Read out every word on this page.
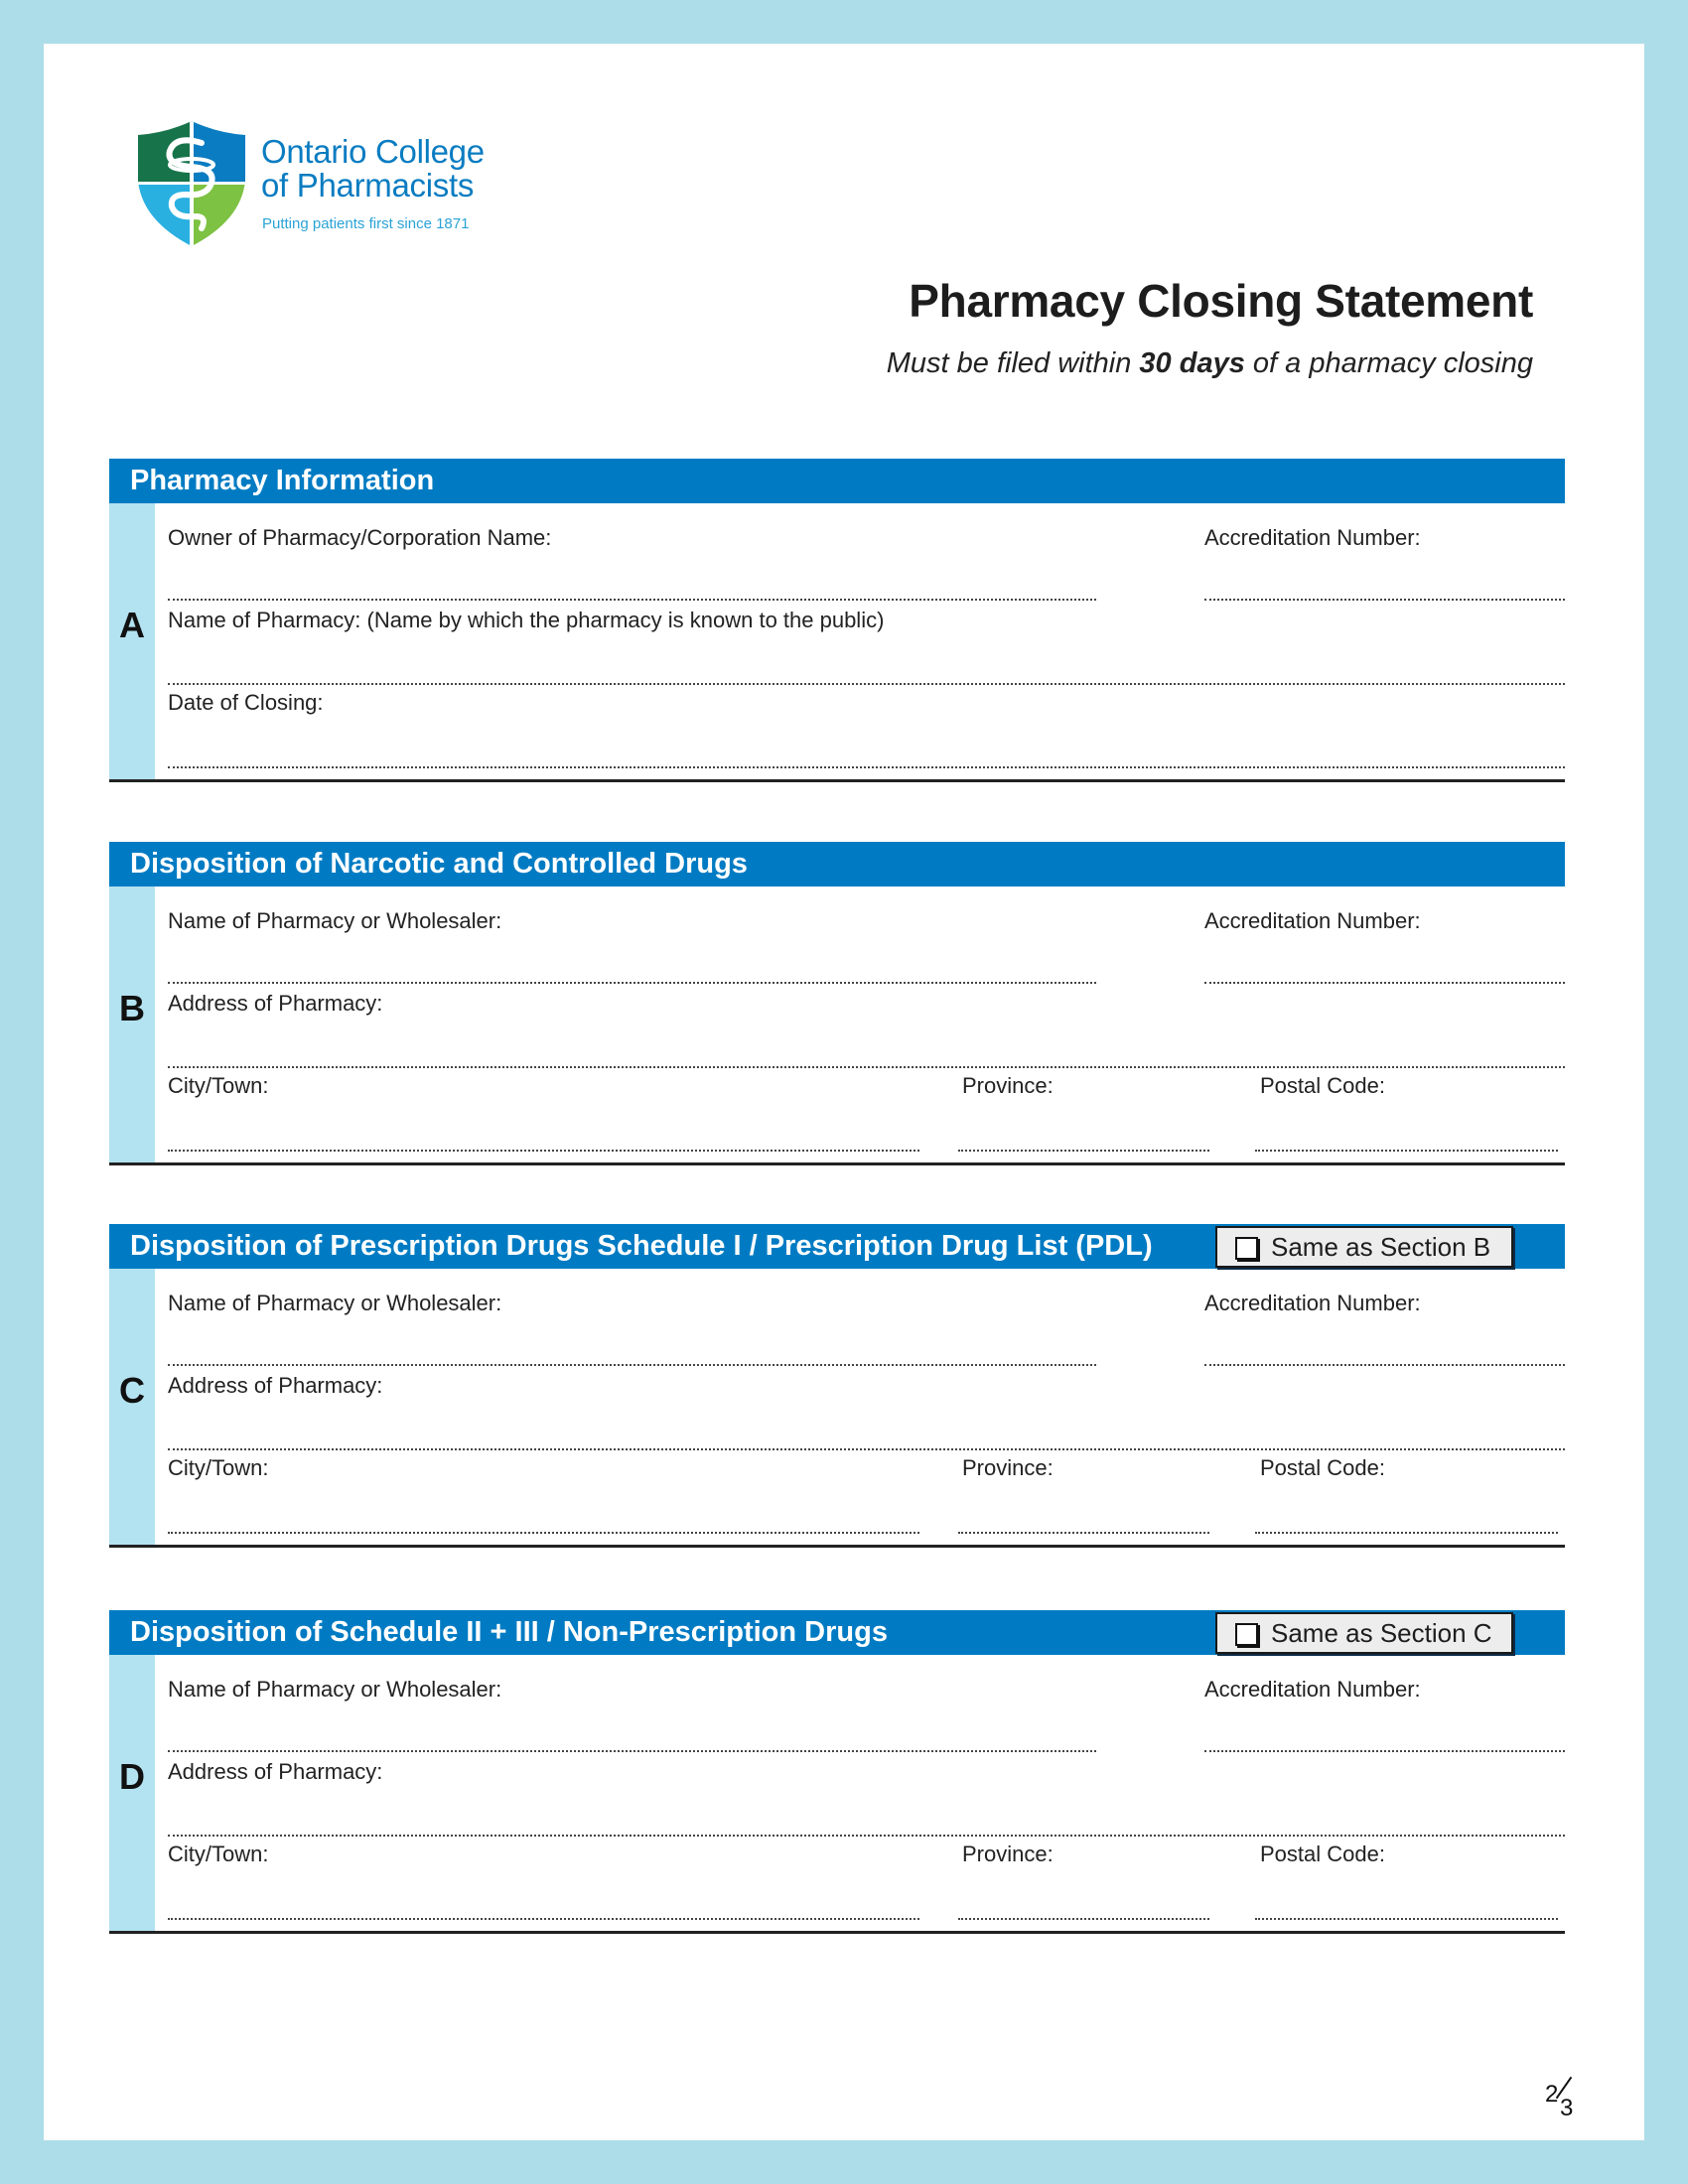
Ontario College
of Pharmacists
Putting patients first since 1871
Pharmacy Closing Statement
Must be filed within 30 days of a pharmacy closing
Pharmacy Information
A
Owner of Pharmacy/Corporation Name:	Accreditation Number:
Name of Pharmacy: (Name by which the pharmacy is known to the public)
Date of Closing:
Disposition of Narcotic and Controlled Drugs
B
Name of Pharmacy or Wholesaler:	Accreditation Number:
Address of Pharmacy:
City/Town:	Province:	Postal Code:
Disposition of Prescription Drugs Schedule I / Prescription Drug List (PDL)	Same as Section B
C
Name of Pharmacy or Wholesaler:	Accreditation Number:
Address of Pharmacy:
City/Town:	Province:	Postal Code:
Disposition of Schedule II + III / Non-Prescription Drugs	Same as Section C
D
Name of Pharmacy or Wholesaler:	Accreditation Number:
Address of Pharmacy:
City/Town:	Province:	Postal Code:
2
3
